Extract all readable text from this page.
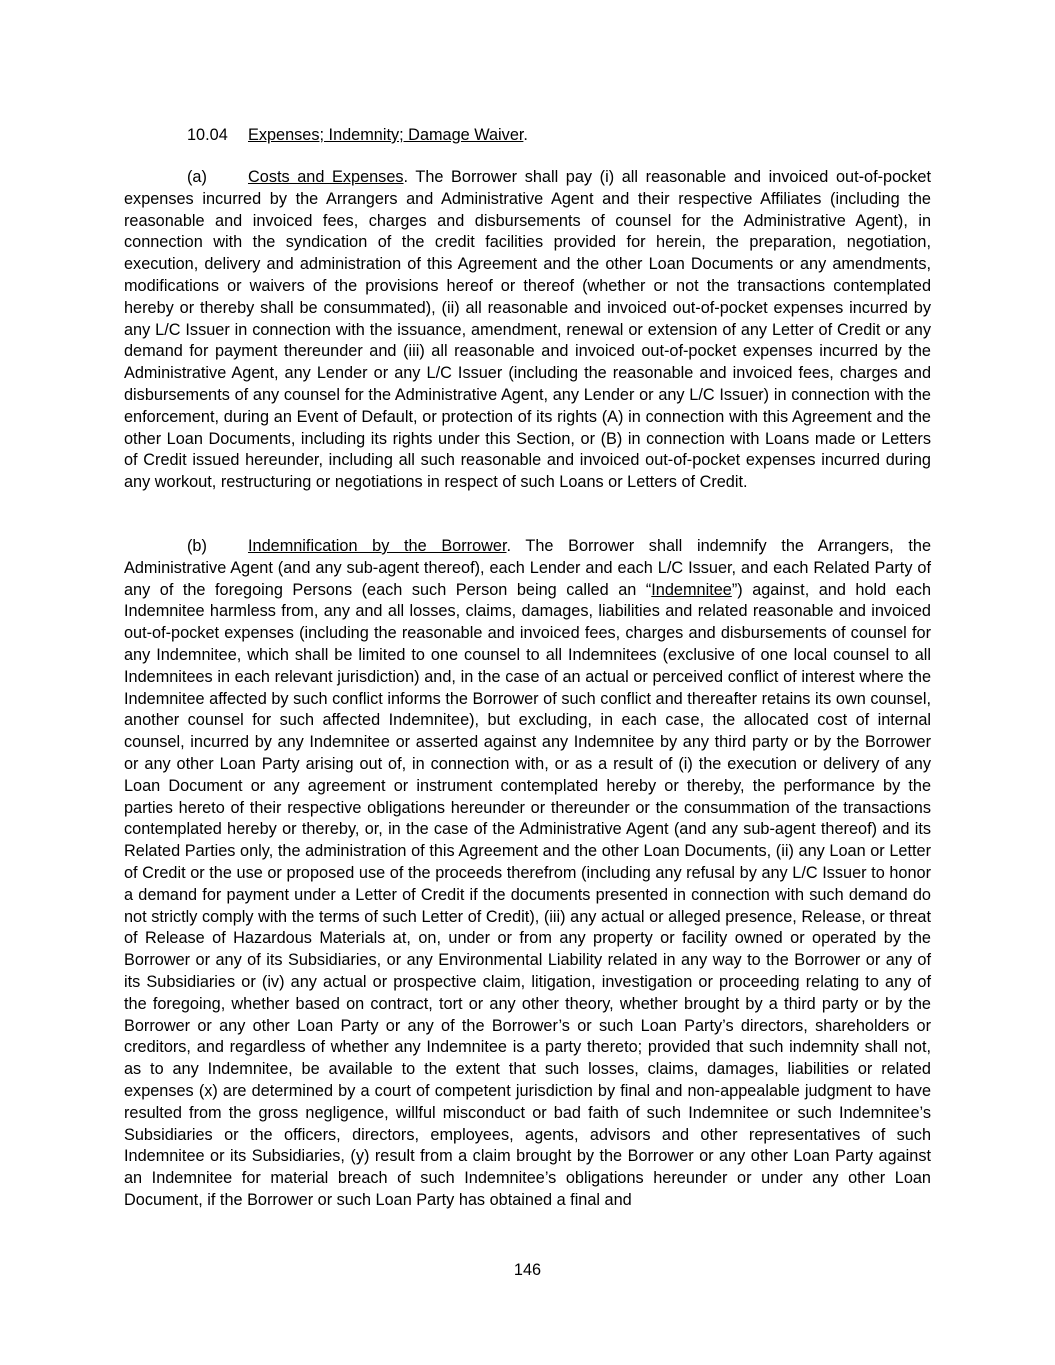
10.04 Expenses; Indemnity; Damage Waiver.

(a)	Costs and Expenses. The Borrower shall pay (i) all reasonable and invoiced out-of-pocket expenses incurred by the Arrangers and Administrative Agent and their respective Affiliates (including the reasonable and invoiced fees, charges and disbursements of counsel for the Administrative Agent), in connection with the syndication of the credit facilities provided for herein, the preparation, negotiation, execution, delivery and administration of this Agreement and the other Loan Documents or any amendments, modifications or waivers of the provisions hereof or thereof (whether or not the transactions contemplated hereby or thereby shall be consummated), (ii) all reasonable and invoiced out-of-pocket expenses incurred by any L/C Issuer in connection with the issuance, amendment, renewal or extension of any Letter of Credit or any demand for payment thereunder and (iii) all reasonable and invoiced out-of-pocket expenses incurred by the Administrative Agent, any Lender or any L/C Issuer (including the reasonable and invoiced fees, charges and disbursements of any counsel for the Administrative Agent, any Lender or any L/C Issuer) in connection with the enforcement, during an Event of Default, or protection of its rights (A) in connection with this Agreement and the other Loan Documents, including its rights under this Section, or (B) in connection with Loans made or Letters of Credit issued hereunder, including all such reasonable and invoiced out-of-pocket expenses incurred during any workout, restructuring or negotiations in respect of such Loans or Letters of Credit.

(b)	Indemnification by the Borrower. The Borrower shall indemnify the Arrangers, the Administrative Agent (and any sub-agent thereof), each Lender and each L/C Issuer, and each Related Party of any of the foregoing Persons (each such Person being called an “Indemnitee”) against, and hold each Indemnitee harmless from, any and all losses, claims, damages, liabilities and related reasonable and invoiced out-of-pocket expenses (including the reasonable and invoiced fees, charges and disbursements of counsel for any Indemnitee, which shall be limited to one counsel to all Indemnitees (exclusive of one local counsel to all Indemnitees in each relevant jurisdiction) and, in the case of an actual or perceived conflict of interest where the Indemnitee affected by such conflict informs the Borrower of such conflict and thereafter retains its own counsel, another counsel for such affected Indemnitee), but excluding, in each case, the allocated cost of internal counsel, incurred by any Indemnitee or asserted against any Indemnitee by any third party or by the Borrower or any other Loan Party arising out of, in connection with, or as a result of (i) the execution or delivery of any Loan Document or any agreement or instrument contemplated hereby or thereby, the performance by the parties hereto of their respective obligations hereunder or thereunder or the consummation of the transactions contemplated hereby or thereby, or, in the case of the Administrative Agent (and any sub-agent thereof) and its Related Parties only, the administration of this Agreement and the other Loan Documents, (ii) any Loan or Letter of Credit or the use or proposed use of the proceeds therefrom (including any refusal by any L/C Issuer to honor a demand for payment under a Letter of Credit if the documents presented in connection with such demand do not strictly comply with the terms of such Letter of Credit), (iii) any actual or alleged presence, Release, or threat of Release of Hazardous Materials at, on, under or from any property or facility owned or operated by the Borrower or any of its Subsidiaries, or any Environmental Liability related in any way to the Borrower or any of its Subsidiaries or (iv) any actual or prospective claim, litigation, investigation or proceeding relating to any of the foregoing, whether based on contract, tort or any other theory, whether brought by a third party or by the Borrower or any other Loan Party or any of the Borrower’s or such Loan Party’s directors, shareholders or creditors, and regardless of whether any Indemnitee is a party thereto; provided that such indemnity shall not, as to any Indemnitee, be available to the extent that such losses, claims, damages, liabilities or related expenses (x) are determined by a court of competent jurisdiction by final and non-appealable judgment to have resulted from the gross negligence, willful misconduct or bad faith of such Indemnitee or such Indemnitee’s Subsidiaries or the officers, directors, employees, agents, advisors and other representatives of such Indemnitee or its Subsidiaries, (y) result from a claim brought by the Borrower or any other Loan Party against an Indemnitee for material breach of such Indemnitee’s obligations hereunder or under any other Loan Document, if the Borrower or such Loan Party has obtained a final and

146
